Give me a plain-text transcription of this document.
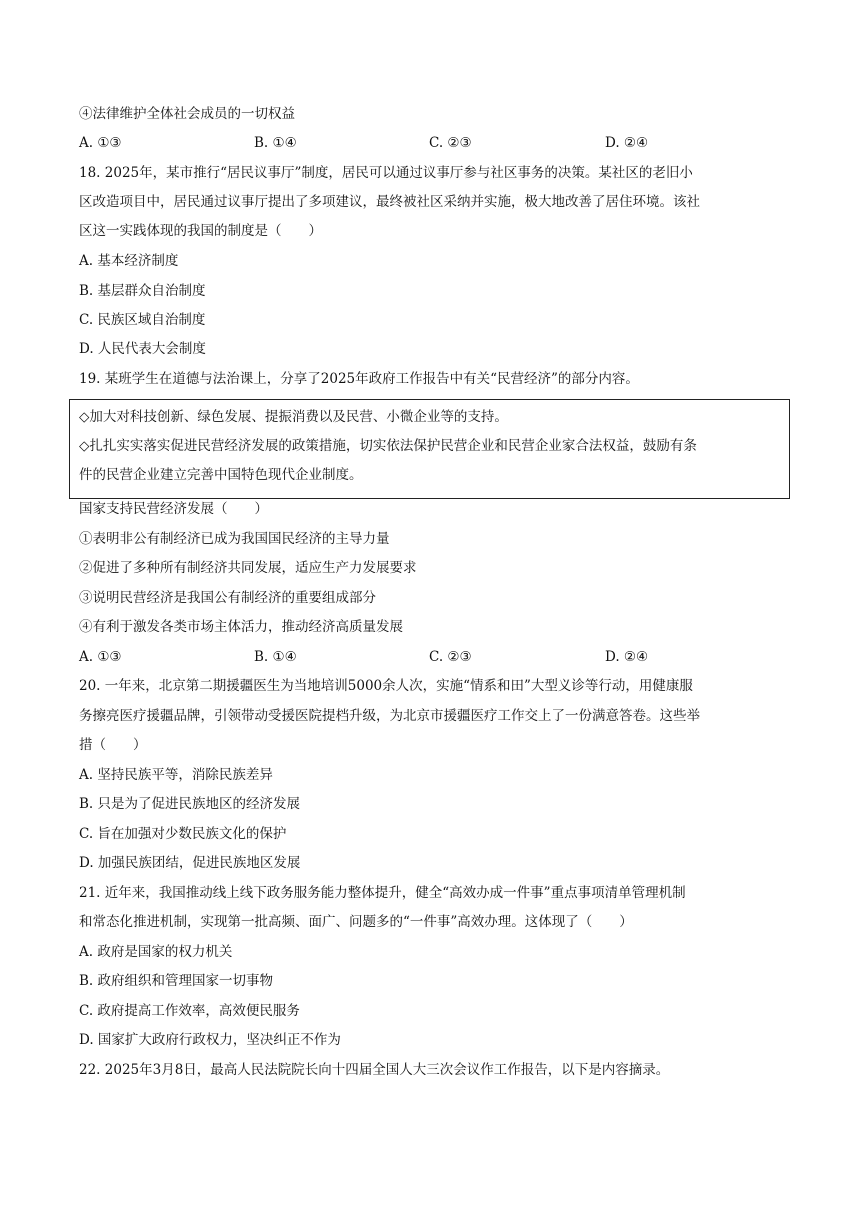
④法律维护全体社会成员的一切权益
A. ①③	B. ①④	C. ②③	D. ②④
18. 2025年，某市推行“居民议事厅”制度，居民可以通过议事厅参与社区事务的决策。某社区的老旧小
区改造项目中，居民通过议事厅提出了多项建议，最终被社区采纳并实施，极大地改善了居住环境。该社
区这一实践体现的我国的制度是（　　）
A. 基本经济制度
B. 基层群众自治制度
C. 民族区域自治制度
D. 人民代表大会制度
19. 某班学生在道德与法治课上，分享了2025年政府工作报告中有关“民营经济”的部分内容。
◇加大对科技创新、绿色发展、提振消费以及民营、小微企业等的支持。
◇扎扎实实落实促进民营经济发展的政策措施，切实依法保护民营企业和民营企业家合法权益，鼓励有条
件的民营企业建立完善中国特色现代企业制度。
国家支持民营经济发展（　　）
①表明非公有制经济已成为我国国民经济的主导力量
②促进了多种所有制经济共同发展，适应生产力发展要求
③说明民营经济是我国公有制经济的重要组成部分
④有利于激发各类市场主体活力，推动经济高质量发展
A. ①③	B. ①④	C. ②③	D. ②④
20. 一年来，北京第二期援疆医生为当地培训5000余人次，实施“情系和田”大型义诊等行动，用健康服
务擦亮医疗援疆品牌，引领带动受援医院提档升级，为北京市援疆医疗工作交上了一份满意答卷。这些举
措（　　）
A. 坚持民族平等，消除民族差异
B. 只是为了促进民族地区的经济发展
C. 旨在加强对少数民族文化的保护
D. 加强民族团结，促进民族地区发展
21. 近年来，我国推动线上线下政务服务能力整体提升，健全“高效办成一件事”重点事项清单管理机制
和常态化推进机制，实现第一批高频、面广、问题多的“一件事”高效办理。这体现了（　　）
A. 政府是国家的权力机关
B. 政府组织和管理国家一切事物
C. 政府提高工作效率，高效便民服务
D. 国家扩大政府行政权力，坚决纠正不作为
22. 2025年3月8日，最高人民法院院长向十四届全国人大三次会议作工作报告，以下是内容摘录。
